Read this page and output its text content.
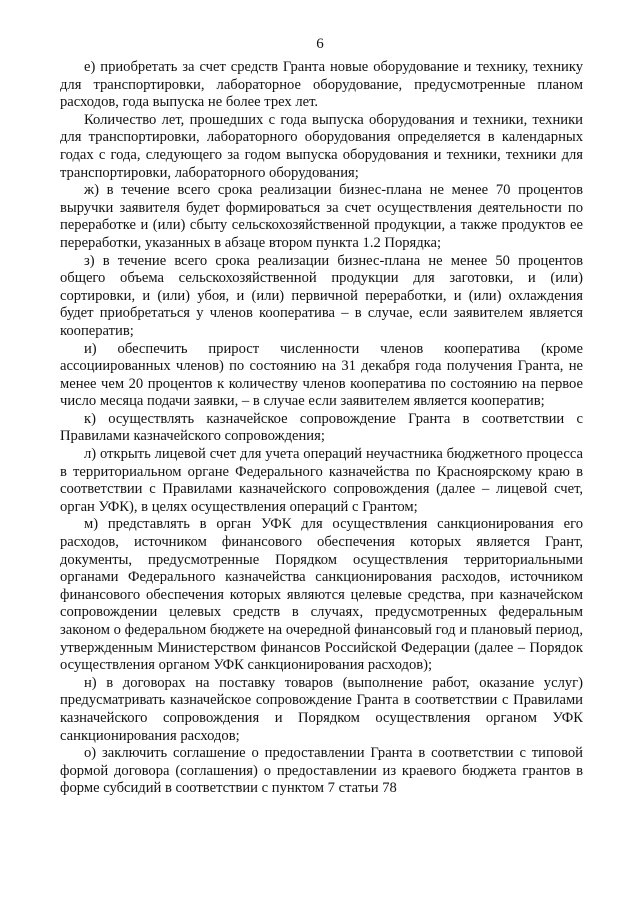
6

е) приобретать за счет средств Гранта новые оборудование и технику, технику для транспортировки, лабораторное оборудование, предусмотренные планом расходов, года выпуска не более трех лет.

Количество лет, прошедших с года выпуска оборудования и техники, техники для транспортировки, лабораторного оборудования определяется в календарных годах с года, следующего за годом выпуска оборудования и техники, техники для транспортировки, лабораторного оборудования;

ж) в течение всего срока реализации бизнес-плана не менее 70 процентов выручки заявителя будет формироваться за счет осуществления деятельности по переработке и (или) сбыту сельскохозяйственной продукции, а также продуктов ее переработки, указанных в абзаце втором пункта 1.2 Порядка;

з) в течение всего срока реализации бизнес-плана не менее 50 процентов общего объема сельскохозяйственной продукции для заготовки, и (или) сортировки, и (или) убоя, и (или) первичной переработки, и (или) охлаждения будет приобретаться у членов кооператива – в случае, если заявителем является кооператив;

и) обеспечить прирост численности членов кооператива (кроме ассоциированных членов) по состоянию на 31 декабря года получения Гранта, не менее чем 20 процентов к количеству членов кооператива по состоянию на первое число месяца подачи заявки, – в случае если заявителем является кооператив;

к) осуществлять казначейское сопровождение Гранта в соответствии с Правилами казначейского сопровождения;

л) открыть лицевой счет для учета операций неучастника бюджетного процесса в территориальном органе Федерального казначейства по Красноярскому краю в соответствии с Правилами казначейского сопровождения (далее – лицевой счет, орган УФК), в целях осуществления операций с Грантом;

м) представлять в орган УФК для осуществления санкционирования его расходов, источником финансового обеспечения которых является Грант, документы, предусмотренные Порядком осуществления территориальными органами Федерального казначейства санкционирования расходов, источником финансового обеспечения которых являются целевые средства, при казначейском сопровождении целевых средств в случаях, предусмотренных федеральным законом о федеральном бюджете на очередной финансовый год и плановый период, утвержденным Министерством финансов Российской Федерации (далее – Порядок осуществления органом УФК санкционирования расходов);

н) в договорах на поставку товаров (выполнение работ, оказание услуг) предусматривать казначейское сопровождение Гранта в соответствии с Правилами казначейского сопровождения и Порядком осуществления органом УФК санкционирования расходов;

о) заключить соглашение о предоставлении Гранта в соответствии с типовой формой договора (соглашения) о предоставлении из краевого бюджета грантов в форме субсидий в соответствии с пунктом 7 статьи 78
